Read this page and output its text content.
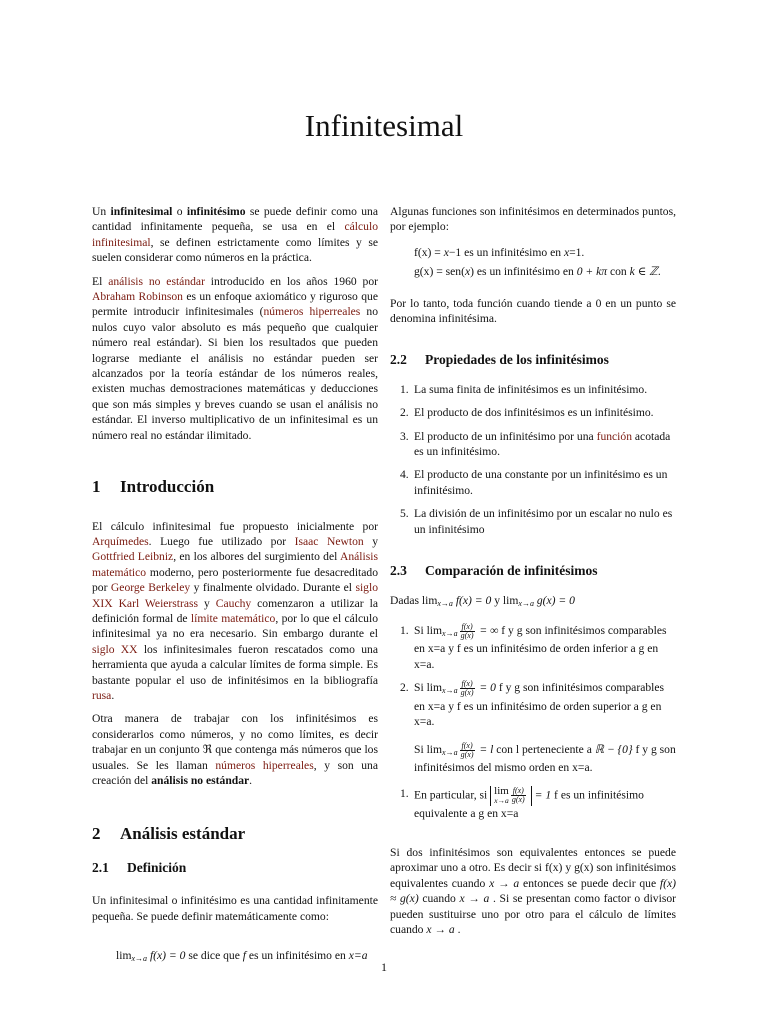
Infinitesimal

Un infinitesimal o infinitésimo se puede definir como una cantidad infinitamente pequeña, se usa en el cálculo infinitesimal, se definen estrictamente como límites y se suelen considerar como números en la práctica.

El análisis no estándar introducido en los años 1960 por Abraham Robinson es un enfoque axiomático y riguroso que permite introducir infinitesimales (números hiperreales no nulos cuyo valor absoluto es más pequeño que cualquier número real estándar). Si bien los resultados que pueden lograrse mediante el análisis no estándar pueden ser alcanzados por la teoría estándar de los números reales, existen muchas demostraciones matemáticas y deducciones que son más simples y breves cuando se usan el análisis no estándar. El inverso multiplicativo de un infinitesimal es un número real no estándar ilimitado.

1 Introducción

El cálculo infinitesimal fue propuesto inicialmente por Arquímedes. Luego fue utilizado por Isaac Newton y Gottfried Leibniz, en los albores del surgimiento del Análisis matemático moderno, pero posteriormente fue desacreditado por George Berkeley y finalmente olvidado. Durante el siglo XIX Karl Weierstrass y Cauchy comenzaron a utilizar la definición formal de límite matemático, por lo que el cálculo infinitesimal ya no era necesario. Sin embargo durante el siglo XX los infinitesimales fueron rescatados como una herramienta que ayuda a calcular límites de forma simple. Es bastante popular el uso de infinitésimos en la bibliografía rusa.

Otra manera de trabajar con los infinitésimos es considerarlos como números, y no como límites, es decir trabajar en un conjunto ℜ que contenga más números que los usuales. Se les llaman números hiperreales, y son una creación del análisis no estándar.

2 Análisis estándar
2.1 Definición

Un infinitesimal o infinitésimo es una cantidad infinitamente pequeña. Se puede definir matemáticamente como:

$\lim_{x\to a} f(x) = 0$ se dice que f es un infinitésimo en x=a

Algunas funciones son infinitésimos en determinados puntos, por ejemplo:

f(x) = x−1 es un infinitésimo en x=1.
g(x) = sen(x) es un infinitésimo en 0 + kπ con k ∈ ℤ.

Por lo tanto, toda función cuando tiende a 0 en un punto se denomina infinitésima.

2.2 Propiedades de los infinitésimos
1. La suma finita de infinitésimos es un infinitésimo.
2. El producto de dos infinitésimos es un infinitésimo.
3. El producto de un infinitésimo por una función acotada es un infinitésimo.
4. El producto de una constante por un infinitésimo es un infinitésimo.
5. La división de un infinitésimo por un escalar no nulo es un infinitésimo
2.3 Comparación de infinitésimos

Dadas $\lim_{x\to a} f(x) = 0$ y $\lim_{x\to a} g(x) = 0$

1. Si $\lim_{x\to a} \frac{f(x)}{g(x)}$ = ∞ f y g son infinitésimos comparables en x=a y f es un infinitésimo de orden inferior a g en x=a.
2. Si $\lim_{x\to a} \frac{f(x)}{g(x)} = 0$ f y g son infinitésimos comparables en x=a y f es un infinitésimo de orden superior a g en x=a.
Si $\lim_{x\to a} \frac{f(x)}{g(x)} = l$ con l perteneciente a ℝ − {0} f y g son infinitésimos del mismo orden en x=a.
1. En particular, si lim
$x\to a \frac{f(x)}{g(x)} = 1$ f es un infinitésimo equivalente a g en x=a

Si dos infinitésimos son equivalentes entonces se puede aproximar uno a otro. Es decir si f(x) y g(x) son infinitésimos equivalentes cuando x → a entonces se puede decir que f(x) ≈ g(x) cuando x → a . Si se presentan como factor o divisor pueden sustituirse uno por otro para el cálculo de límites cuando x → a .

1
